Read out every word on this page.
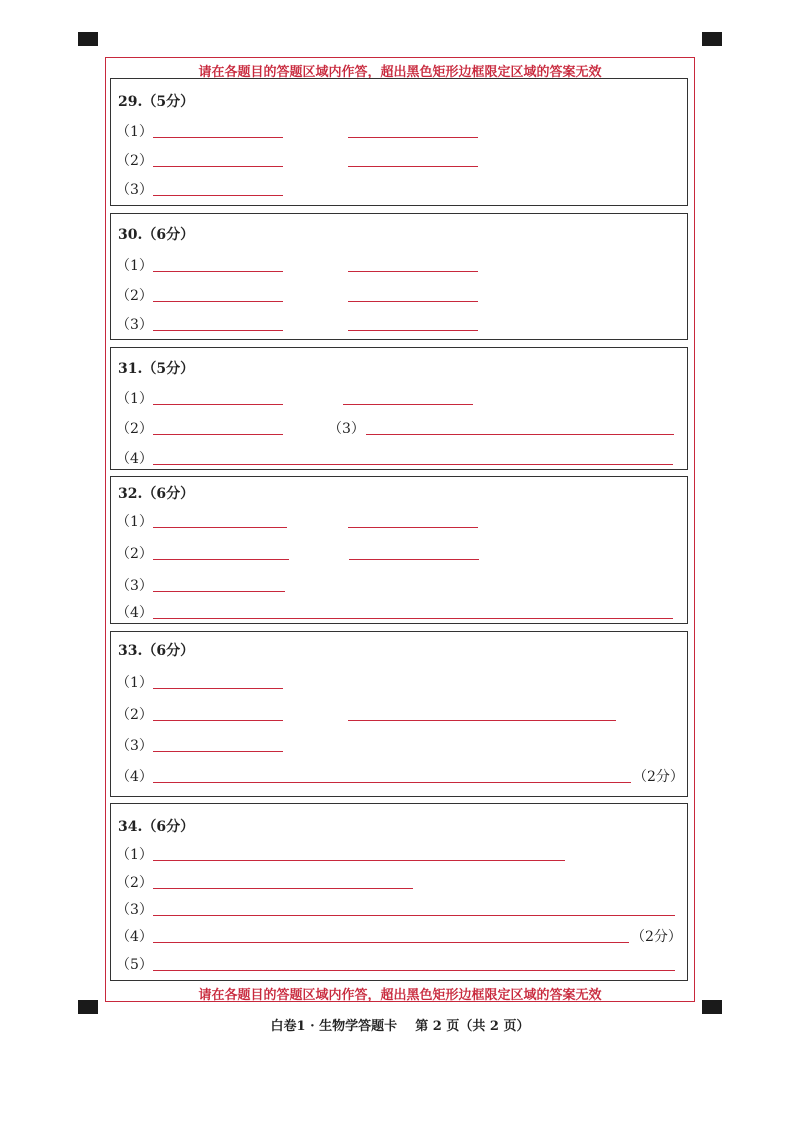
请在各题目的答题区域内作答，超出黑色矩形边框限定区域的答案无效
请在各题目的答题区域内作答，超出黑色矩形边框限定区域的答案无效
29.（5分）
（1）
（2）
（3）
30.（6分）
（1）
（2）
（3）
31.（5分）
（1）
（2）	（3）
（4）
32.（6分）
（1）
（2）
（3）
（4）
33.（6分）
（1）
（2）
（3）
（4）	（2分）
34.（6分）
（1）
（2）
（3）
（4）	（2分）
（5）
白卷1 · 生物学答题卡    第 2 页（共 2 页）
